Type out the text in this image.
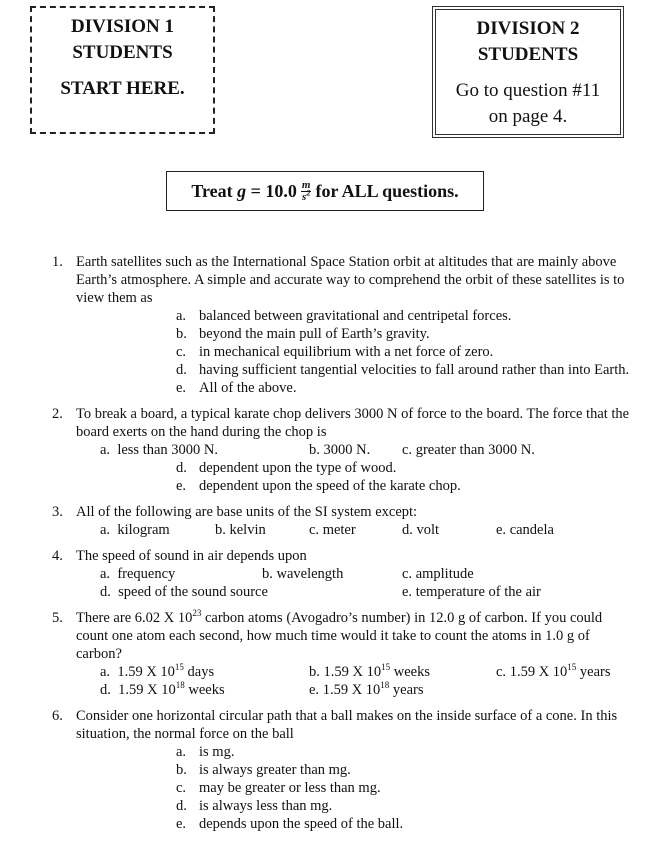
DIVISION 1
STUDENTS
START HERE.
DIVISION 2
STUDENTS
Go to question #11
on page 4.
Treat
g
= $10.0 \frac{m}{s^2}$ for ALL questions.
1. Earth satellites such as the International Space Station orbit at altitudes that are mainly above Earth’s atmosphere. A simple and accurate way to comprehend the orbit of these satellites is to view them as
a. balanced between gravitational and centripetal forces.
b. beyond the main pull of Earth’s gravity.
c. in mechanical equilibrium with a net force of zero.
d. having sufficient tangential velocities to fall around rather than into Earth.
e. All of the above.
2. To break a board, a typical karate chop delivers 3000 N of force to the board. The force that the board exerts on the hand during the chop is
a. less than 3000 N.	b. 3000 N. c. greater than 3000 N.
d. dependent upon the type of wood.
e. dependent upon the speed of the karate chop.
3. All of the following are base units of the SI system except:
a. kilogram	b. kelvin	c. meter	d. volt	e. candela
4. The speed of sound in air depends upon
a. frequency	b. wavelength	c. amplitude
d. speed of the sound source	e. temperature of the air
5. There are 6.02 X $10^{23}$ carbon atoms (Avogadro’s number) in 12.0 g of carbon. If you could count one atom each second, how much time would it take to count the atoms in 1.0 g of carbon?
a. 1.59 X $10^{15}$ days	b. 1.59 X $10^{15}$ weeks	c. 1.59 X $10^{15}$ years
d. 1.59 X $10^{18}$ weeks	e. 1.59 X $10^{18}$ years
6. Consider one horizontal circular path that a ball makes on the inside surface of a cone. In this situation, the normal force on the ball
a. is mg.
b. is always greater than mg.
c. may be greater or less than mg.
d. is always less than mg.
e. depends upon the speed of the ball.
